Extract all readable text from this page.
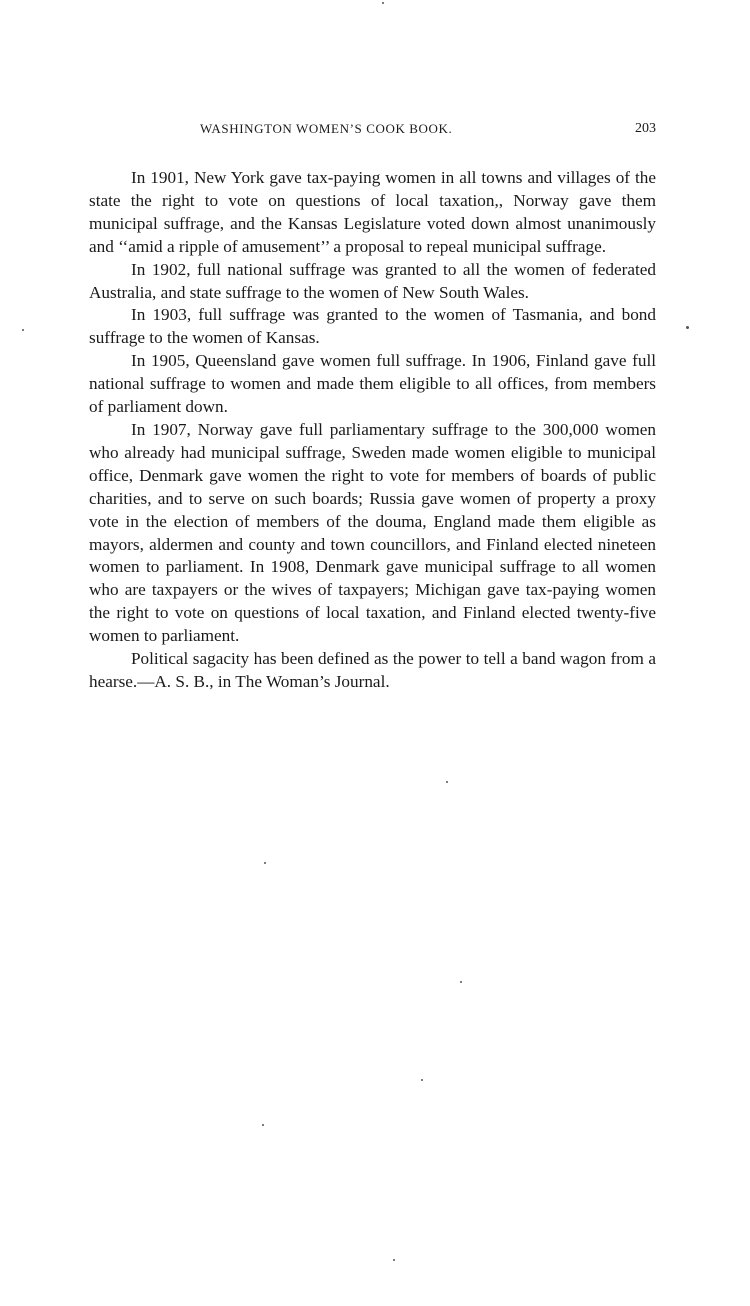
WASHINGTON WOMEN’S COOK BOOK.	203

In 1901, New York gave tax-paying women in all towns and villages of the state the right to vote on questions of local taxation,, Norway gave them municipal suffrage, and the Kansas Legislature voted down almost unanimously and ‘‘amid a ripple of amusement’’ a proposal to repeal municipal suffrage.

In 1902, full national suffrage was granted to all the women of federated Australia, and state suffrage to the women of New South Wales.

In 1903, full suffrage was granted to the women of Tasmania, and bond suffrage to the women of Kansas.

In 1905, Queensland gave women full suffrage. In 1906, Finland gave full national suffrage to women and made them eligible to all offices, from members of parliament down.

In 1907, Norway gave full parliamentary suffrage to the 300,000 women who already had municipal suffrage, Sweden made women eligible to municipal office, Denmark gave women the right to vote for members of boards of public charities, and to serve on such boards; Russia gave women of property a proxy vote in the election of members of the douma, England made them eligible as mayors, aldermen and county and town councillors, and Finland elected nineteen women to parliament. In 1908, Denmark gave municipal suffrage to all women who are taxpayers or the wives of taxpayers; Michigan gave tax-paying women the right to vote on questions of local taxation, and Finland elected twenty-five women to parliament.

Political sagacity has been defined as the power to tell a band wagon from a hearse.—A. S. B., in The Woman’s Journal.
